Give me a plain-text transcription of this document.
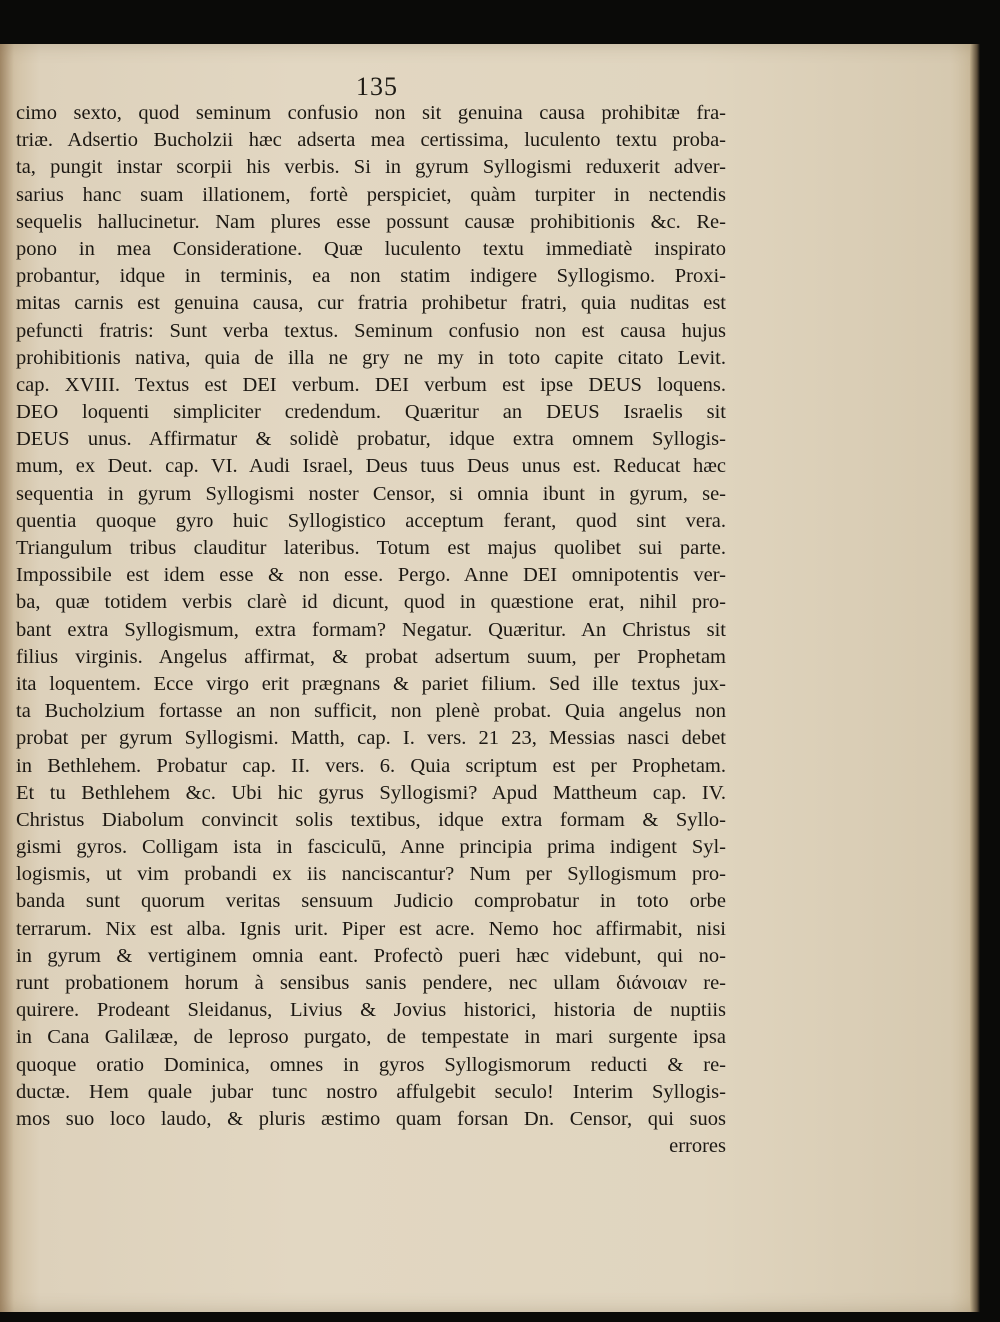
135
cimo sexto, quod seminum confusio non sit genuina causa prohibitæ fra-
triæ. Adsertio Bucholzii hæc adserta mea certissima, luculento textu proba-
ta, pungit instar scorpii his verbis. Si in gyrum Syllogismi reduxerit adver-
sarius hanc suam illationem, fortè perspiciet, quàm turpiter in nectendis
sequelis hallucinetur. Nam plures esse possunt causæ prohibitionis &c. Re-
pono in mea Consideratione. Quæ luculento textu immediatè inspirato
probantur, idque in terminis, ea non statim indigere Syllogismo. Proxi-
mitas carnis est genuina causa, cur fratria prohibetur fratri, quia nuditas est
pefuncti fratris: Sunt verba textus. Seminum confusio non est causa hujus
prohibitionis nativa, quia de illa ne gry ne my in toto capite citato Levit.
cap. XVIII. Textus est DEI verbum. DEI verbum est ipse DEUS loquens.
DEO loquenti simpliciter credendum. Quæritur an DEUS Israelis sit
DEUS unus. Affirmatur & solidè probatur, idque extra omnem Syllogis-
mum, ex Deut. cap. VI. Audi Israel, Deus tuus Deus unus est. Reducat hæc
sequentia in gyrum Syllogismi noster Censor, si omnia ibunt in gyrum, se-
quentia quoque gyro huic Syllogistico acceptum ferant, quod sint vera.
Triangulum tribus clauditur lateribus. Totum est majus quolibet sui parte.
Impossibile est idem esse & non esse. Pergo. Anne DEI omnipotentis ver-
ba, quæ totidem verbis clarè id dicunt, quod in quæstione erat, nihil pro-
bant extra Syllogismum, extra formam? Negatur. Quæritur. An Christus sit
filius virginis. Angelus affirmat, & probat adsertum suum, per Prophetam
ita loquentem. Ecce virgo erit prægnans & pariet filium. Sed ille textus jux-
ta Bucholzium fortasse an non sufficit, non plenè probat. Quia angelus non
probat per gyrum Syllogismi. Matth, cap. I. vers. 21 23, Messias nasci debet
in Bethlehem. Probatur cap. II. vers. 6. Quia scriptum est per Prophetam.
Et tu Bethlehem &c. Ubi hic gyrus Syllogismi? Apud Mattheum cap. IV.
Christus Diabolum convincit solis textibus, idque extra formam & Syllo-
gismi gyros. Colligam ista in fasciculū, Anne principia prima indigent Syl-
logismis, ut vim probandi ex iis nanciscantur? Num per Syllogismum pro-
banda sunt quorum veritas sensuum Judicio comprobatur in toto orbe
terrarum. Nix est alba. Ignis urit. Piper est acre. Nemo hoc affirmabit, nisi
in gyrum & vertiginem omnia eant. Profectò pueri hæc videbunt, qui no-
runt probationem horum à sensibus sanis pendere, nec ullam διάνοιαν re-
quirere. Prodeant Sleidanus, Livius & Jovius historici, historia de nuptiis
in Cana Galilææ, de leproso purgato, de tempestate in mari surgente ipsa
quoque oratio Dominica, omnes in gyros Syllogismorum reducti & re-
ductæ. Hem quale jubar tunc nostro affulgebit seculo! Interim Syllogis-
mos suo loco laudo, & pluris æstimo quam forsan Dn. Censor, qui suos
errores
